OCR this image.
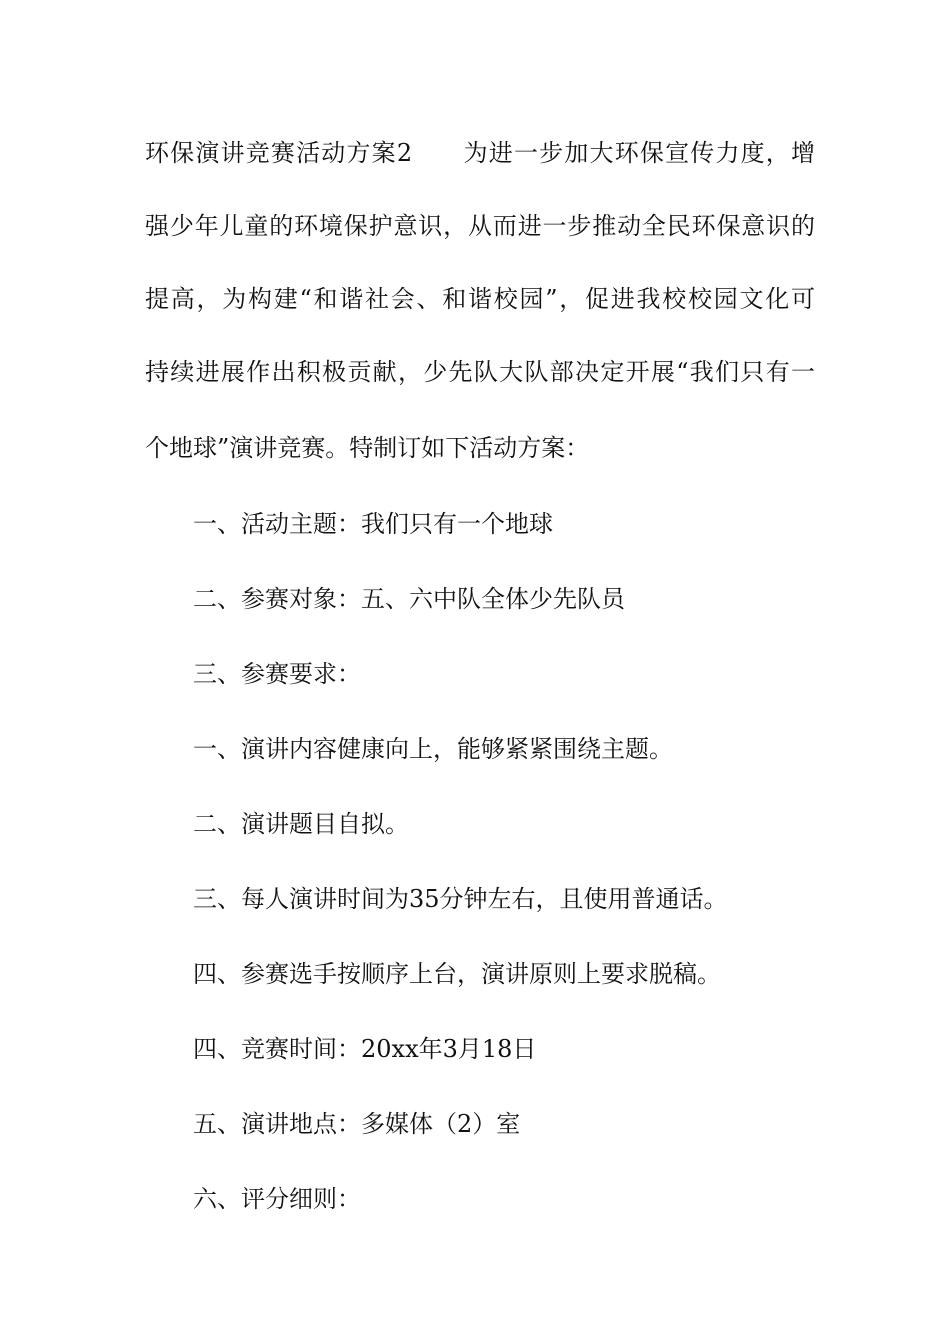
环保演讲竞赛活动方案2　　为进一步加大环保宣传力度，增
强少年儿童的环境保护意识，从而进一步推动全民环保意识的
提高，为构建“和谐社会、和谐校园”，促进我校校园文化可
持续进展作出积极贡献，少先队大队部决定开展“我们只有一
个地球”演讲竞赛。特制订如下活动方案：
一、活动主题：我们只有一个地球
二、参赛对象：五、六中队全体少先队员
三、参赛要求：
一、演讲内容健康向上，能够紧紧围绕主题。
二、演讲题目自拟。
三、每人演讲时间为35分钟左右，且使用普通话。
四、参赛选手按顺序上台，演讲原则上要求脱稿。
四、竞赛时间：20xx年3月18日
五、演讲地点：多媒体（2）室
六、评分细则：
